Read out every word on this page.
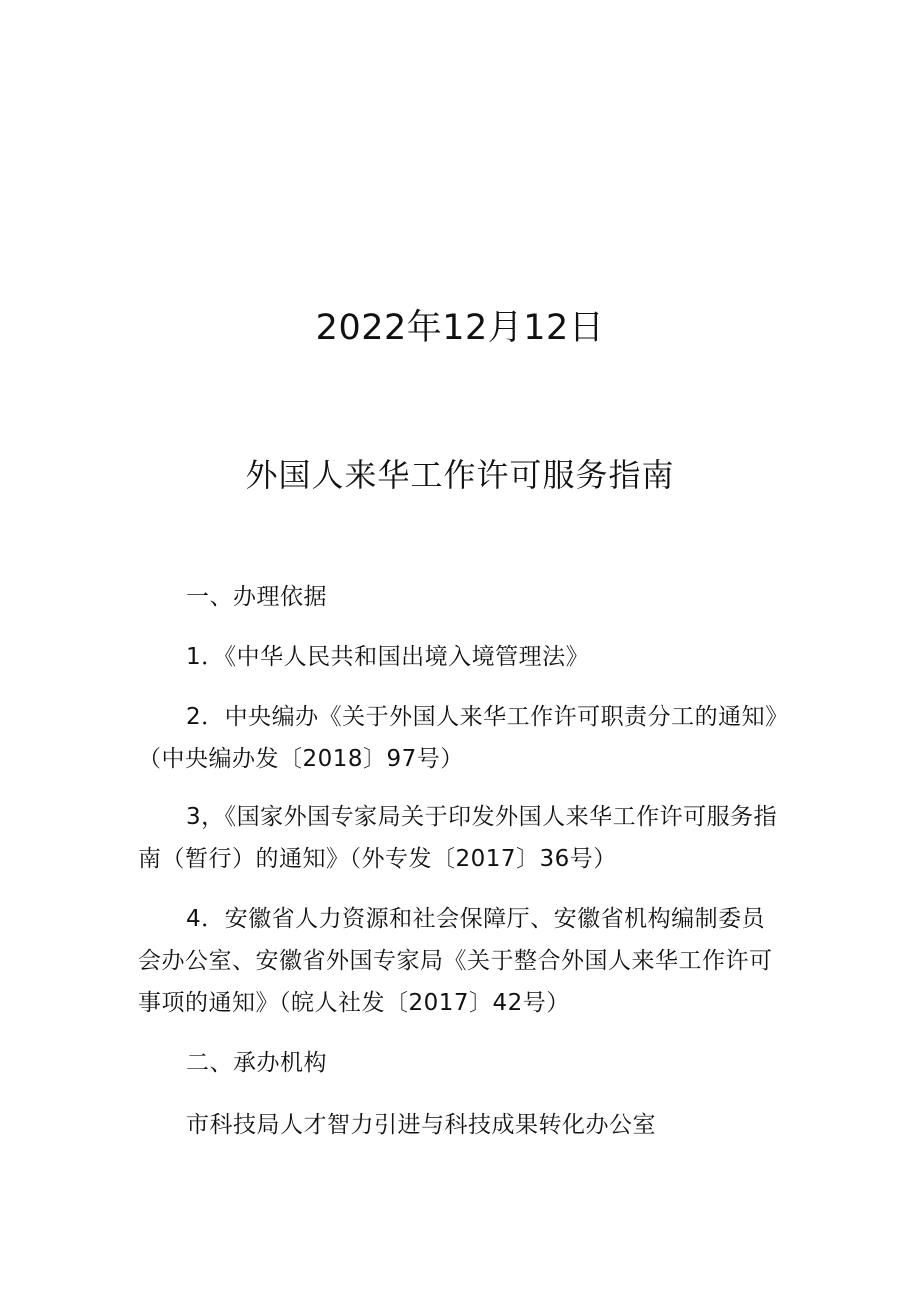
2022年12月12日
外国人来华工作许可服务指南
一、办理依据
1．《中华人民共和国出境入境管理法》
2．中央编办《关于外国人来华工作许可职责分工的通知》（中央编办发〔2018〕97号）
3，《国家外国专家局关于印发外国人来华工作许可服务指南（暂行）的通知》（外专发〔2017〕36号）
4．安徽省人力资源和社会保障厅、安徽省机构编制委员会办公室、安徽省外国专家局《关于整合外国人来华工作许可事项的通知》（皖人社发〔2017〕42号）
二、承办机构
市科技局人才智力引进与科技成果转化办公室
